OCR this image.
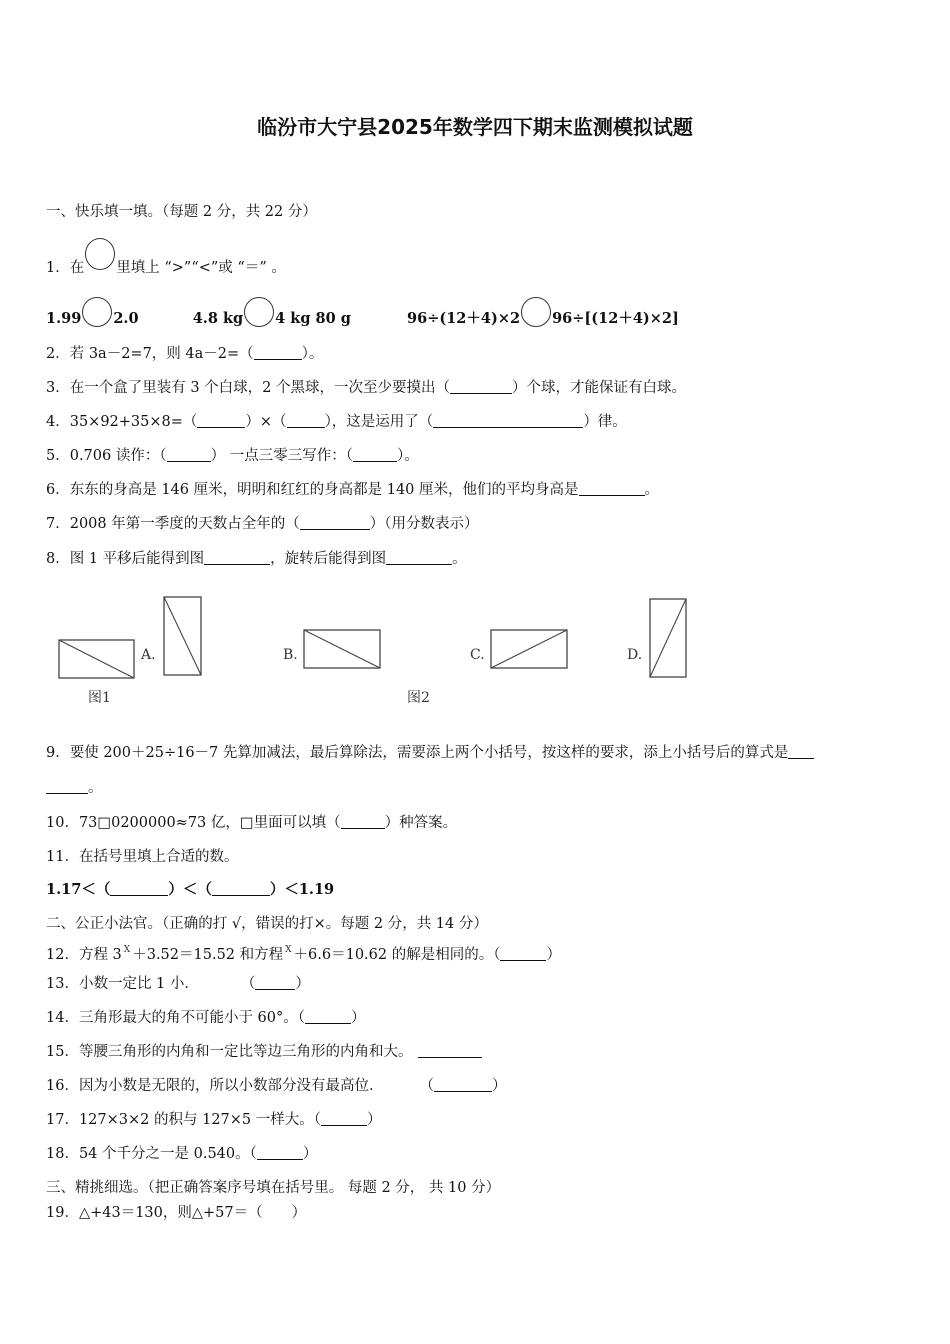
临汾市大宁县2025年数学四下期末监测模拟试题
一、快乐填一填。（每题 2 分，共 22 分）
1．在 里填上 “>”“<”或 “＝” 。
1.99 2.0	4.8 kg 4 kg 80 g	96÷(12＋4)×2 96÷[(12＋4)×2]
2．若 3a－2=7，则 4a－2=（	）。
3．在一个盒了里装有 3 个白球，2 个黑球，一次至少要摸出（	）个球，才能保证有白球。
4．35×92+35×8=（	）×（	），这是运用了（	）律。
5．0.706 读作：（	） 一点三零三写作：（	）。
6．东东的身高是 146 厘米，明明和红红的身高都是 140 厘米，他们的平均身高是	。
7．2008 年第一季度的天数占全年的（	）（用分数表示）
8．图 1 平移后能得到图	，旋转后能得到图	。
图1
A.	B.
图2
C.	D.
9．要使 200＋25÷16－7 先算加减法，最后算除法，需要添上两个小括号，按这样的要求，添上小括号后的算式是
。
10．73□0200000≈73 亿，□里面可以填（	）种答案。
11．在括号里填上合适的数。
1.17＜（	）＜（	）＜1.19
二、公正小法官。（正确的打 √，错误的打×。每题 2 分，共 14 分）
12．方程 3 $^X$ ＋3.52＝15.52 和方程 $^X$ ＋6.6＝10.62 的解是相同的。（	）
13．小数一定比 1 小．	（	）
14．三角形最大的角不可能小于 60°。（	）
15．等腰三角形的内角和一定比等边三角形的内角和大。
16．因为小数是无限的，所以小数部分没有最高位． （	）
17．127×3×2 的积与 127×5 一样大。（	）
18．54 个千分之一是 0.540。（	）
三、精挑细选。（把正确答案序号填在括号里。 每题 2 分， 共 10 分）
19．△+43＝130，则△+57＝（　　）
